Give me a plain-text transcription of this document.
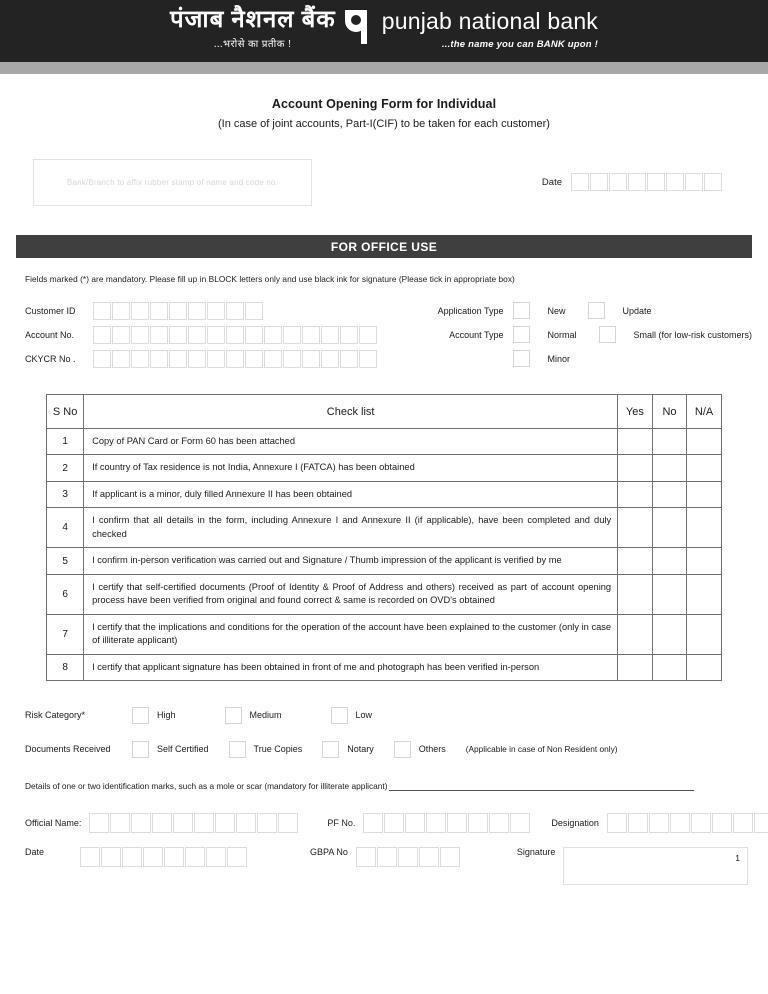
पंजाब नैशनल बैंक
...भरोसे का प्रतीक !
punjab national bank
...the name you can BANK upon !
Account Opening Form for Individual
(In case of joint accounts, Part-I(CIF) to be taken for each customer)
Bank/Branch to affix rubber stamp of name and code no.	Date
FOR OFFICE USE
Fields marked (*) are mandatory. Please fill up in BLOCK letters only and use black ink for signature (Please tick in appropriate box)
Customer ID
Account No.
CKYCR No .
Application Type	New	Update
Account Type	Normal	Small (for low-risk customers)
Minor
S No	Check list	Yes	No	N/A
1	Copy of PAN Card or Form 60 has been attached			
2	If country of Tax residence is not India, Annexure I (FATCA) has been obtained			
3	If applicant is a minor, duly filled Annexure II has been obtained			
4	I confirm that all details in the form, including Annexure I and Annexure II (if applicable), have been completed and duly checked			
5	I confirm in-person verification was carried out and Signature / Thumb impression of the applicant is verified by me			
6	I certify that self-certified documents (Proof of Identity & Proof of Address and others) received as part of account opening process have been verified from original and found correct & same is recorded on OVD's obtained			
7	I certify that the implications and conditions for the operation of the account have been explained to the customer (only in case of illiterate applicant)			
8	I certify that applicant signature has been obtained in front of me and photograph has been verified in-person			
Risk Category*	High	Medium	Low
Documents Received	Self Certified	True Copies	Notary	Others (Applicable in case of Non Resident only)
Details of one or two identification marks, such as a mole or scar (mandatory for illiterate applicant)
Official Name:	PF No.	Designation
Date	GBPA No	Signature
1
